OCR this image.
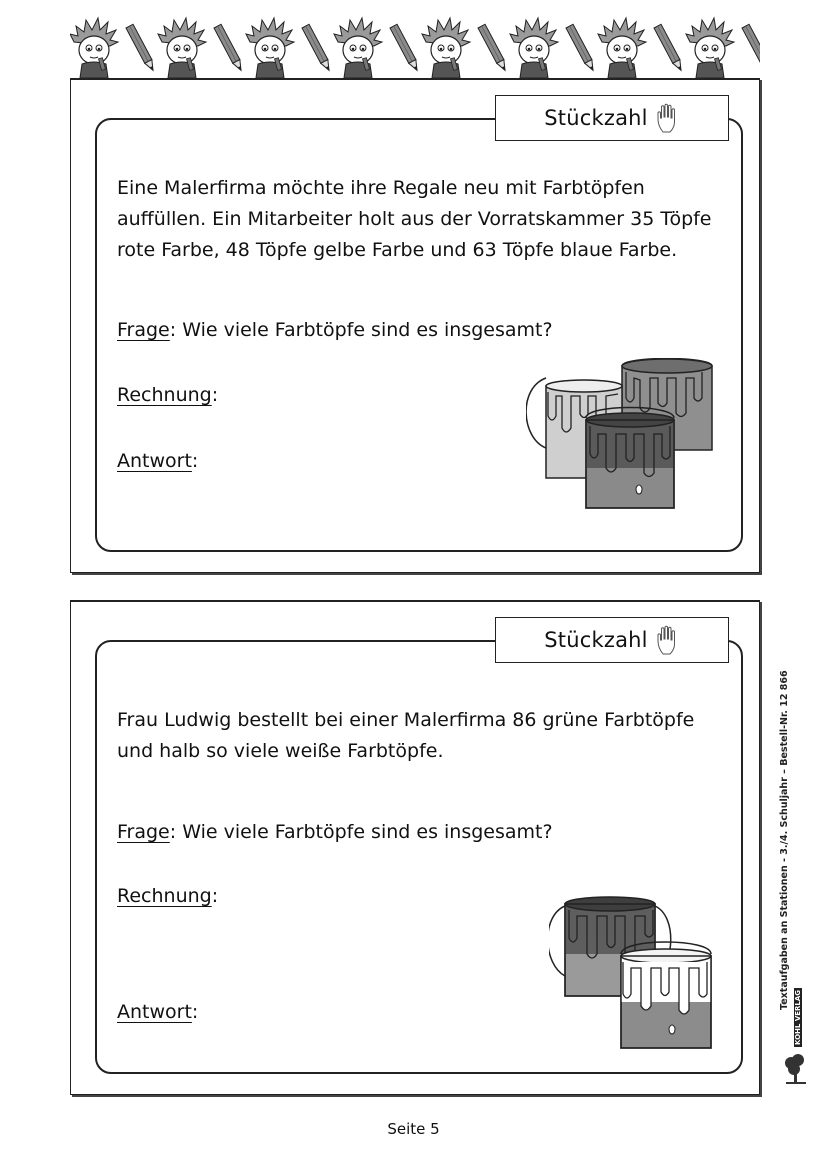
Stückzahl
Eine Malerfirma möchte ihre Regale neu mit Farbtöpfen
auffüllen. Ein Mitarbeiter holt aus der Vorratskammer 35 Töpfe
rote Farbe, 48 Töpfe gelbe Farbe und 63 Töpfe blaue Farbe.
Frage: Wie viele Farbtöpfe sind es insgesamt?
Rechnung:
Antwort:
Stückzahl
Frau Ludwig bestellt bei einer Malerfirma 86 grüne Farbtöpfe
und halb so viele weiße Farbtöpfe.
Frage: Wie viele Farbtöpfe sind es insgesamt?
Rechnung:
Antwort:
Textaufgaben an Stationen - 3./4. Schuljahr – Bestell-Nr. 12 866
KOHL VERLAG
Seite 5
